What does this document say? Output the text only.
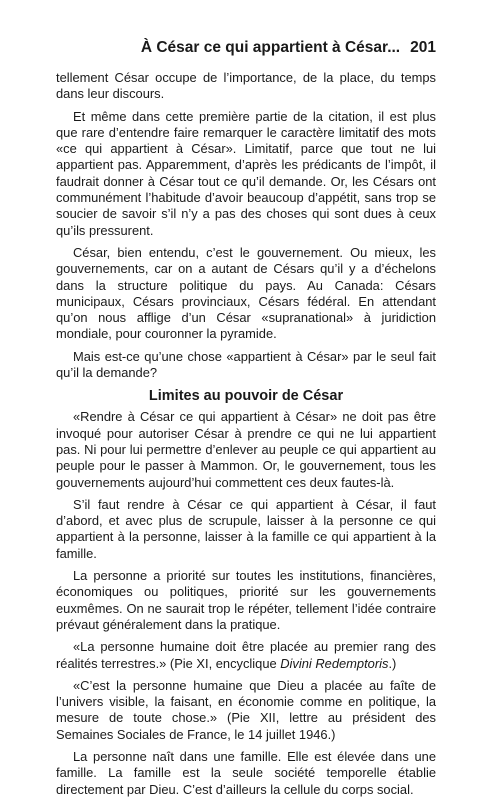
À César ce qui appartient à César... 201

tellement César occupe de l’importance, de la place, du temps dans leur discours.

Et même dans cette première partie de la citation, il est plus que rare d’entendre faire remarquer le caractère limitatif des mots «ce qui appartient à César». Limitatif, parce que tout ne lui appartient pas. Apparemment, d’après les prédicants de l’impôt, il faudrait donner à César tout ce qu’il demande. Or, les Césars ont communément l’habitude d’avoir beaucoup d’appétit, sans trop se soucier de savoir s’il n’y a pas des choses qui sont dues à ceux qu’ils pressurent.

César, bien entendu, c’est le gouvernement. Ou mieux, les gouvernements, car on a autant de Césars qu’il y a d’échelons dans la structure politique du pays. Au Canada: Césars municipaux, Césars provinciaux, Césars fédéral. En attendant qu’on nous afflige d’un César «supranational» à juridiction mondiale, pour couronner la pyramide.

Mais est-ce qu’une chose «appartient à César» par le seul fait qu’il la demande?

Limites au pouvoir de César

«Rendre à César ce qui appartient à César» ne doit pas être invoqué pour autoriser César à prendre ce qui ne lui appartient pas. Ni pour lui permettre d’enlever au peuple ce qui appartient au peuple pour le passer à Mammon. Or, le gouvernement, tous les gouvernements aujourd’hui commettent ces deux fautes-là.

S’il faut rendre à César ce qui appartient à César, il faut d’abord, et avec plus de scrupule, laisser à la personne ce qui appartient à la personne, laisser à la famille ce qui appartient à la famille.

La personne a priorité sur toutes les institutions, financières, économiques ou politiques, priorité sur les gouvernements euxmêmes. On ne saurait trop le répéter, tellement l’idée contraire prévaut généralement dans la pratique.

«La personne humaine doit être placée au premier rang des réalités terrestres.» (Pie XI, encyclique Divini Redemptoris.)

«C’est la personne humaine que Dieu a placée au faîte de l’univers visible, la faisant, en économie comme en politique, la mesure de toute chose.» (Pie XII, lettre au président des Semaines Sociales de France, le 14 juillet 1946.)

La personne naît dans une famille. Elle est élevée dans une famille. La famille est la seule société temporelle établie directement par Dieu. C’est d’ailleurs la cellule du corps social.
